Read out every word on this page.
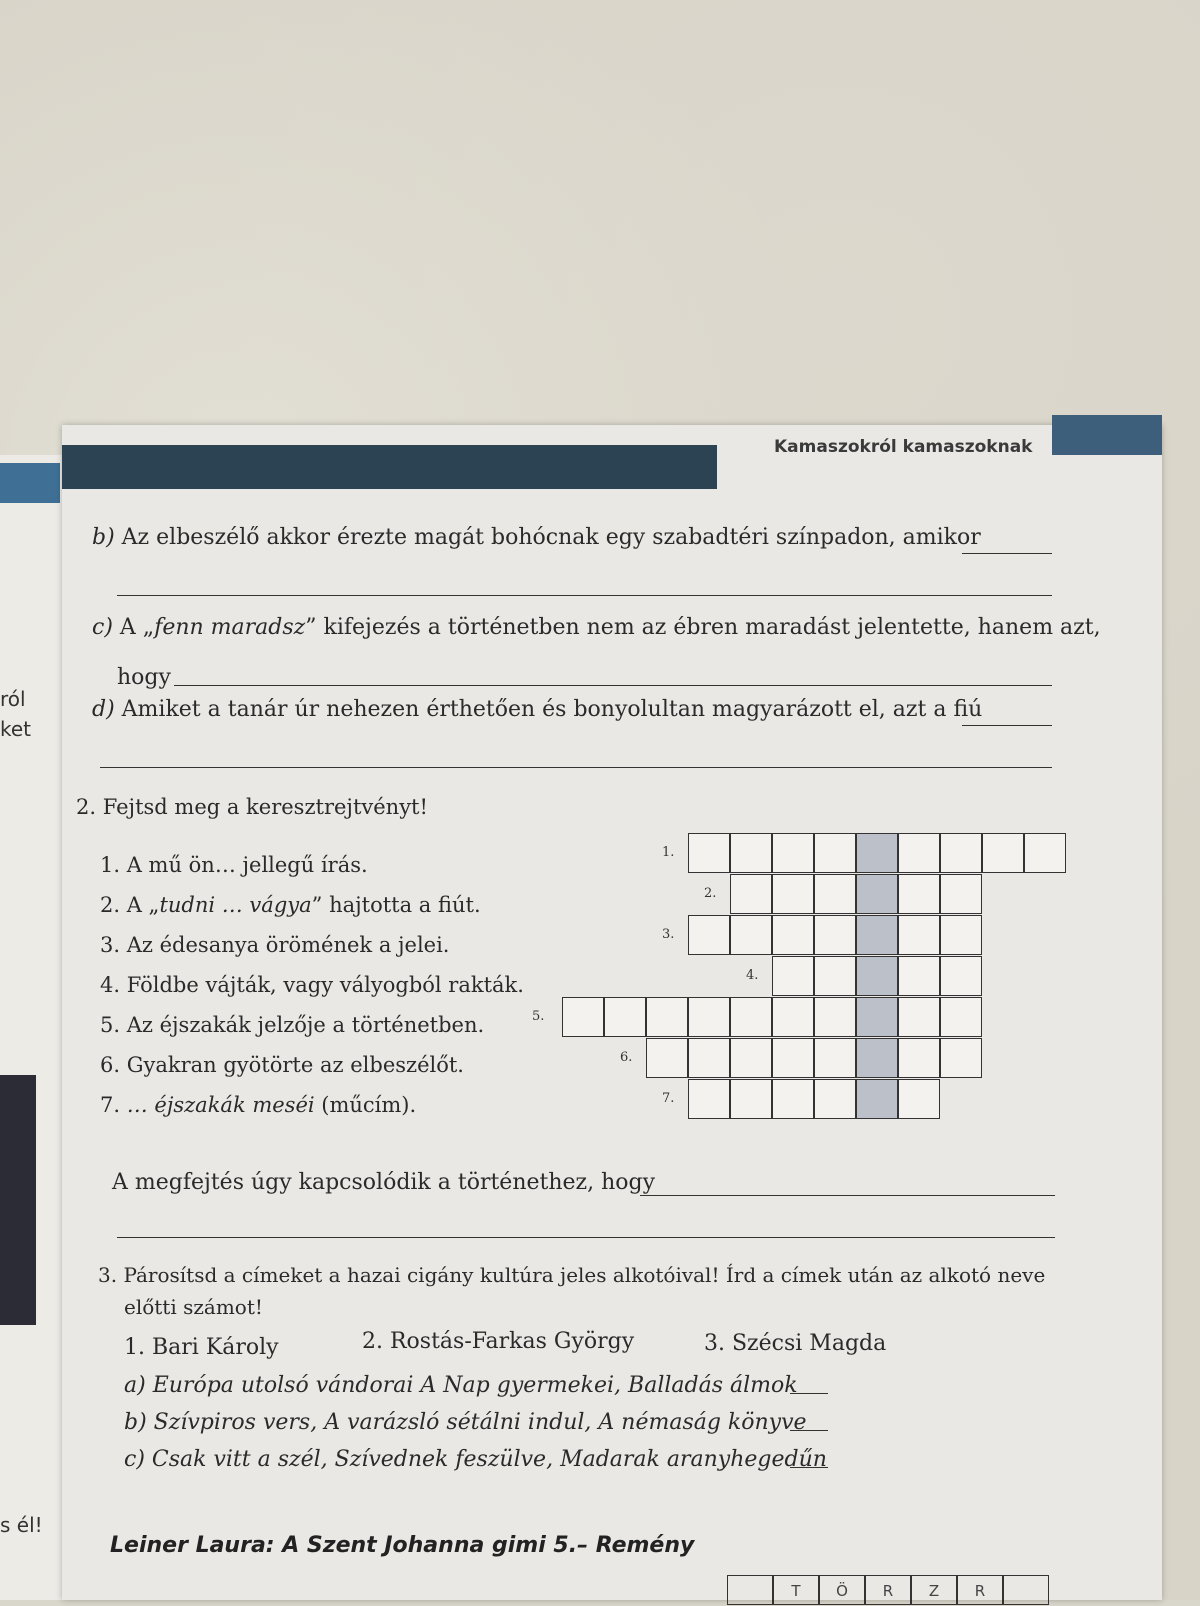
ról
ket
s él!
Kamaszokról kamaszoknak
b) Az elbeszélő akkor érezte magát bohócnak egy szabadtéri színpadon, amikor
c) A „fenn maradsz” kifejezés a történetben nem az ébren maradást jelentette, hanem azt,
hogy
d) Amiket a tanár úr nehezen érthetően és bonyolultan magyarázott el, azt a fiú
2. Fejtsd meg a keresztrejtvényt!
1. A mű ön… jellegű írás.
2. A „tudni … vágya” hajtotta a fiút.
3. Az édesanya örömének a jelei.
4. Földbe vájták, vagy vályogból rakták.
5. Az éjszakák jelzője a történetben.
6. Gyakran gyötörte az elbeszélőt.
7. … éjszakák meséi (műcím).
A megfejtés úgy kapcsolódik a történethez, hogy
3. Párosítsd a címeket a hazai cigány kultúra jeles alkotóival! Írd a címek után az alkotó neve
előtti számot!
1. Bari Károly	2. Rostás-Farkas György	3. Szécsi Magda
a) Európa utolsó vándorai A Nap gyermekei, Balladás álmok
b) Szívpiros vers, A varázsló sétálni indul, A némaság könyve
c) Csak vitt a szél, Szívednek feszülve, Madarak aranyhegedűn
Leiner Laura: A Szent Johanna gimi 5.– Remény
1.
2.
3.
4.
5.
6.
7.
T	Ö	R	Z	R
